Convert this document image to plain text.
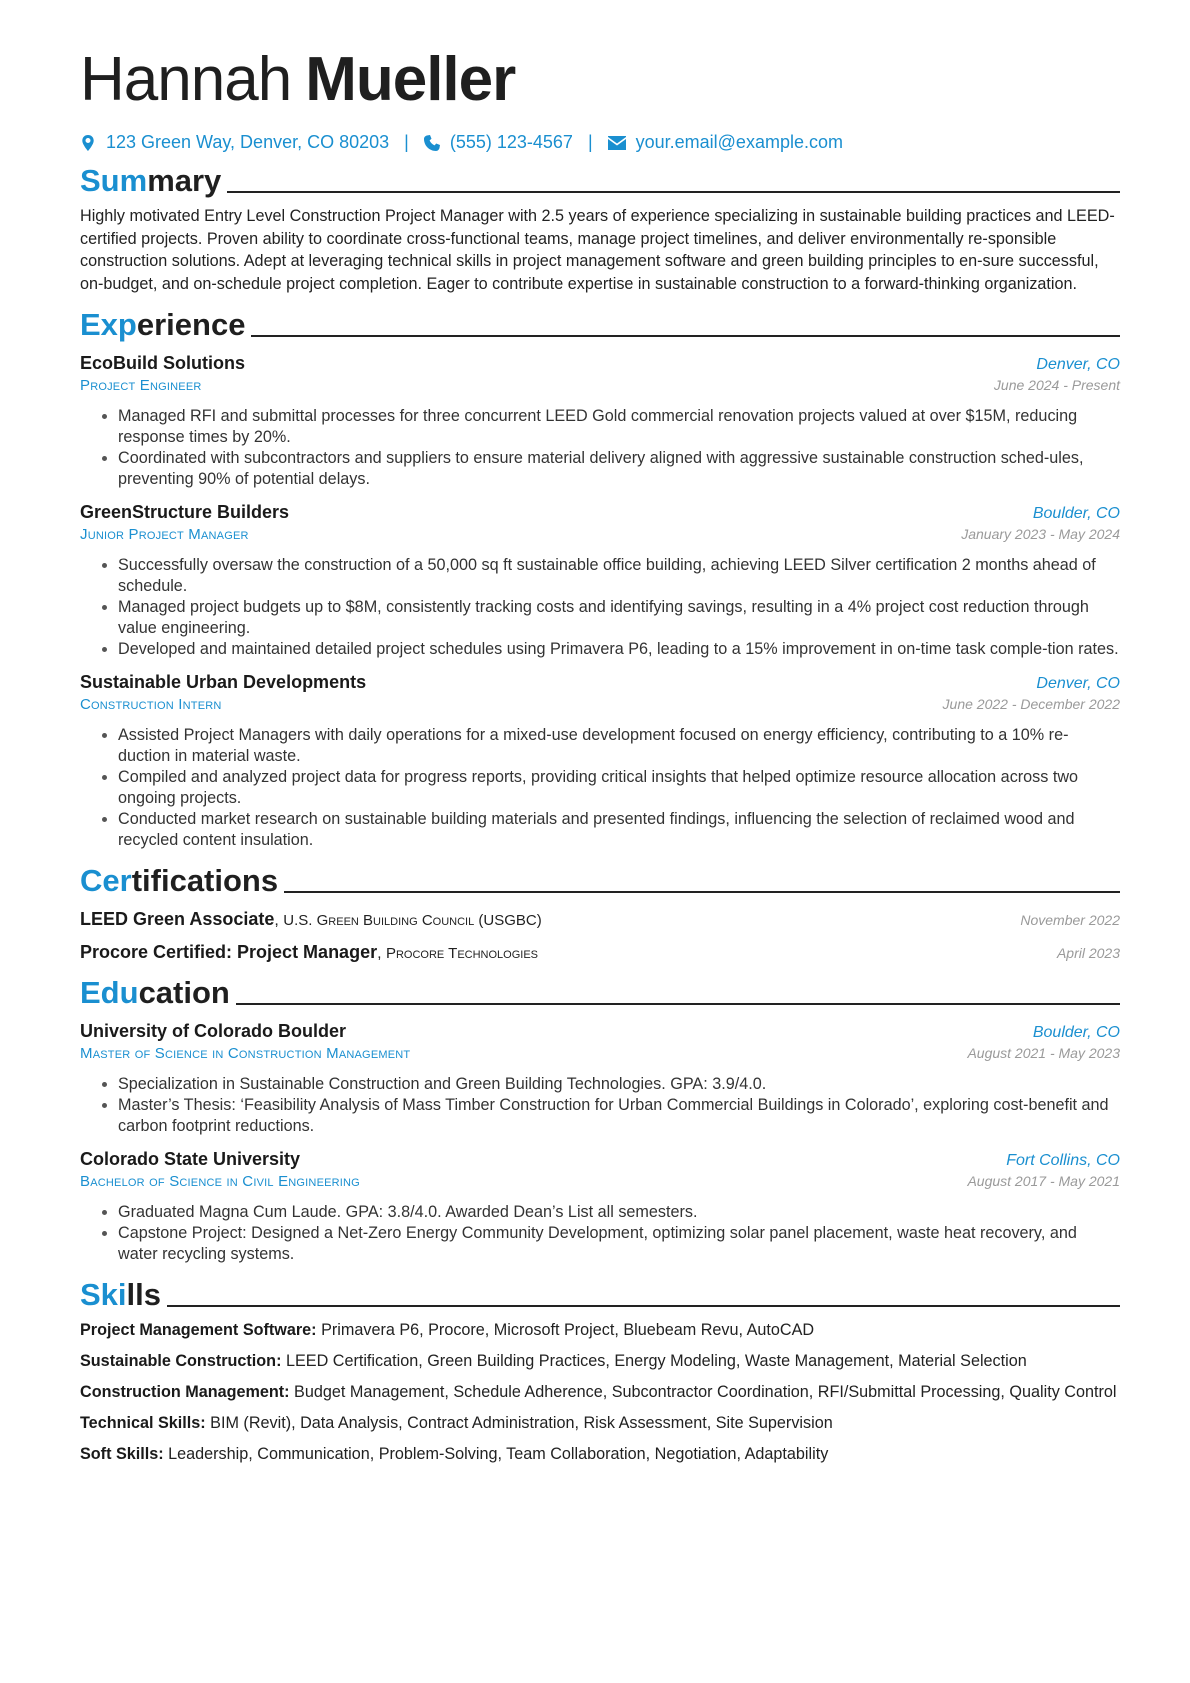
Hannah Mueller
123 Green Way, Denver, CO 80203 | (555) 123-4567 | your.email@example.com
Summary

Highly motivated Entry Level Construction Project Manager with 2.5 years of experience specializing in sustainable building practices and LEED-certified projects. Proven ability to coordinate cross-functional teams, manage project timelines, and deliver environmentally re-sponsible construction solutions. Adept at leveraging technical skills in project management software and green building principles to en-sure successful, on-budget, and on-schedule project completion. Eager to contribute expertise in sustainable construction to a forward-thinking organization.

Experience
EcoBuild Solutions	Denver, CO
Project Engineer	June 2024 - Present
• Managed RFI and submittal processes for three concurrent LEED Gold commercial renovation projects valued at over $15M, reducing response times by 20%.
• Coordinated with subcontractors and suppliers to ensure material delivery aligned with aggressive sustainable construction sched-ules, preventing 90% of potential delays.
GreenStructure Builders	Boulder, CO
Junior Project Manager	January 2023 - May 2024
• Successfully oversaw the construction of a 50,000 sq ft sustainable office building, achieving LEED Silver certification 2 months ahead of schedule.
• Managed project budgets up to $8M, consistently tracking costs and identifying savings, resulting in a 4% project cost reduction through value engineering.
• Developed and maintained detailed project schedules using Primavera P6, leading to a 15% improvement in on-time task comple-tion rates.
Sustainable Urban Developments	Denver, CO
Construction Intern	June 2022 - December 2022
• Assisted Project Managers with daily operations for a mixed-use development focused on energy efficiency, contributing to a 10% re-duction in material waste.
• Compiled and analyzed project data for progress reports, providing critical insights that helped optimize resource allocation across two ongoing projects.
• Conducted market research on sustainable building materials and presented findings, influencing the selection of reclaimed wood and recycled content insulation.
Certifications
LEED Green Associate, U.S. Green Building Council (USGBC)	November 2022
Procore Certified: Project Manager, Procore Technologies	April 2023
Education
University of Colorado Boulder	Boulder, CO
Master of Science in Construction Management	August 2021 - May 2023
• Specialization in Sustainable Construction and Green Building Technologies. GPA: 3.9/4.0.
• Master’s Thesis: ‘Feasibility Analysis of Mass Timber Construction for Urban Commercial Buildings in Colorado’, exploring cost-benefit and carbon footprint reductions.
Colorado State University	Fort Collins, CO
Bachelor of Science in Civil Engineering	August 2017 - May 2021
• Graduated Magna Cum Laude. GPA: 3.8/4.0. Awarded Dean’s List all semesters.
• Capstone Project: Designed a Net-Zero Energy Community Development, optimizing solar panel placement, waste heat recovery, and water recycling systems.
Skills
Project Management Software: Primavera P6, Procore, Microsoft Project, Bluebeam Revu, AutoCAD
Sustainable Construction: LEED Certification, Green Building Practices, Energy Modeling, Waste Management, Material Selection
Construction Management: Budget Management, Schedule Adherence, Subcontractor Coordination, RFI/Submittal Processing, Quality Control
Technical Skills: BIM (Revit), Data Analysis, Contract Administration, Risk Assessment, Site Supervision
Soft Skills: Leadership, Communication, Problem-Solving, Team Collaboration, Negotiation, Adaptability
